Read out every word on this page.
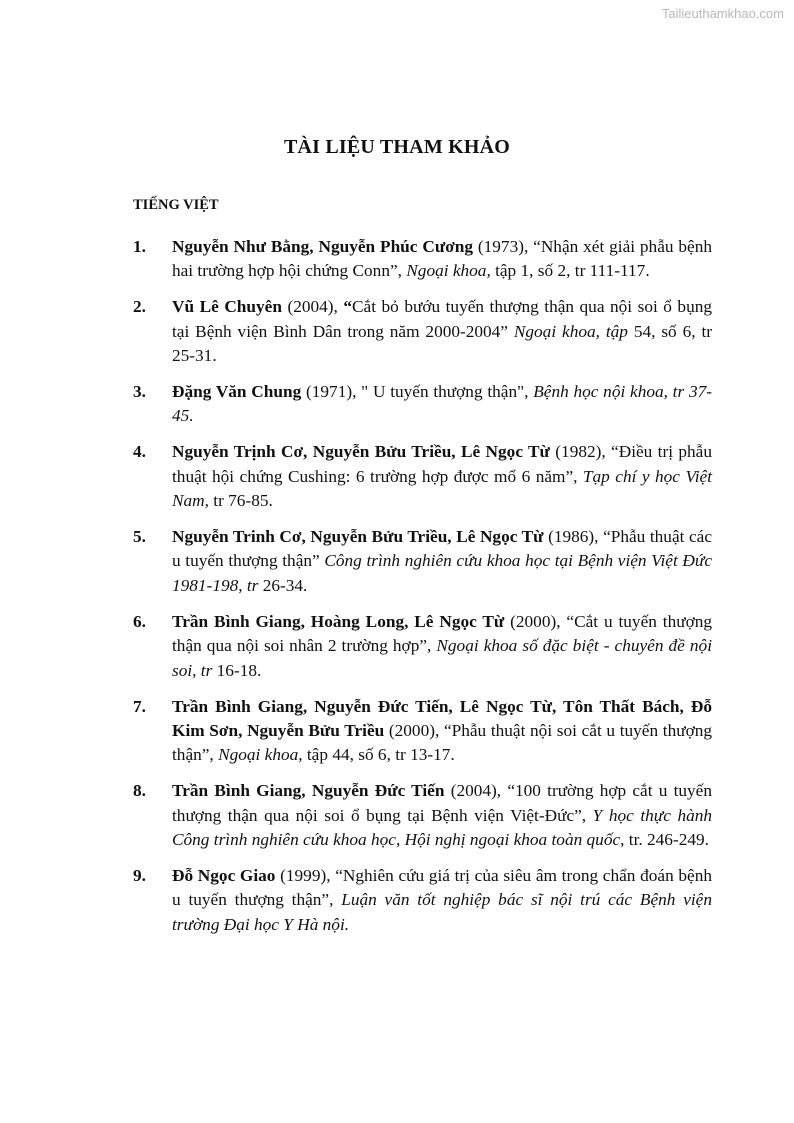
Tailieuthamkhao.com
TÀI LIỆU THAM KHẢO
TIẾNG VIỆT
1.	Nguyễn Như Bằng, Nguyễn Phúc Cương (1973), “Nhận xét giải phẫu bệnh hai trường hợp hội chứng Conn”, Ngoại khoa, tập 1, số 2, tr 111-117.
2.	Vũ Lê Chuyên (2004), “Cắt bỏ bướu tuyến thượng thận qua nội soi ổ bụng tại Bệnh viện Bình Dân trong năm 2000-2004” Ngoại khoa, tập 54, số 6, tr 25-31.
3.	Đặng Văn Chung (1971), " U tuyến thượng thận", Bệnh học nội khoa, tr 37-45.
4.	Nguyễn Trịnh Cơ, Nguyễn Bửu Triều, Lê Ngọc Từ (1982), “Điều trị phẫu thuật hội chứng Cushing: 6 trường hợp được mổ 6 năm”, Tạp chí y học Việt Nam, tr 76-85.
5.	Nguyễn Trinh Cơ, Nguyễn Bửu Triều, Lê Ngọc Từ (1986), “Phẫu thuật các u tuyến thượng thận” Công trình nghiên cứu khoa học tại Bệnh viện Việt Đức 1981-198, tr 26-34.
6.	Trần Bình Giang, Hoàng Long, Lê Ngọc Từ (2000), “Cắt u tuyến thượng thận qua nội soi nhân 2 trường hợp”, Ngoại khoa số đặc biệt - chuyên đề nội soi, tr 16-18.
7.	Trần Bình Giang, Nguyễn Đức Tiến, Lê Ngọc Từ, Tôn Thất Bách, Đỗ Kim Sơn, Nguyễn Bửu Triều (2000), “Phẫu thuật nội soi cắt u tuyến thượng thận”, Ngoại khoa, tập 44, số 6, tr 13-17.
8.	Trần Bình Giang, Nguyễn Đức Tiến (2004), “100 trường hợp cắt u tuyến thượng thận qua nội soi ổ bụng tại Bệnh viện Việt-Đức”, Y học thực hành Công trình nghiên cứu khoa học, Hội nghị ngoại khoa toàn quốc, tr. 246-249.
9.	Đỗ Ngọc Giao (1999), “Nghiên cứu giá trị của siêu âm trong chẩn đoán bệnh u tuyến thượng thận”, Luận văn tốt nghiệp bác sĩ nội trú các Bệnh viện trường Đại học Y Hà nội.
